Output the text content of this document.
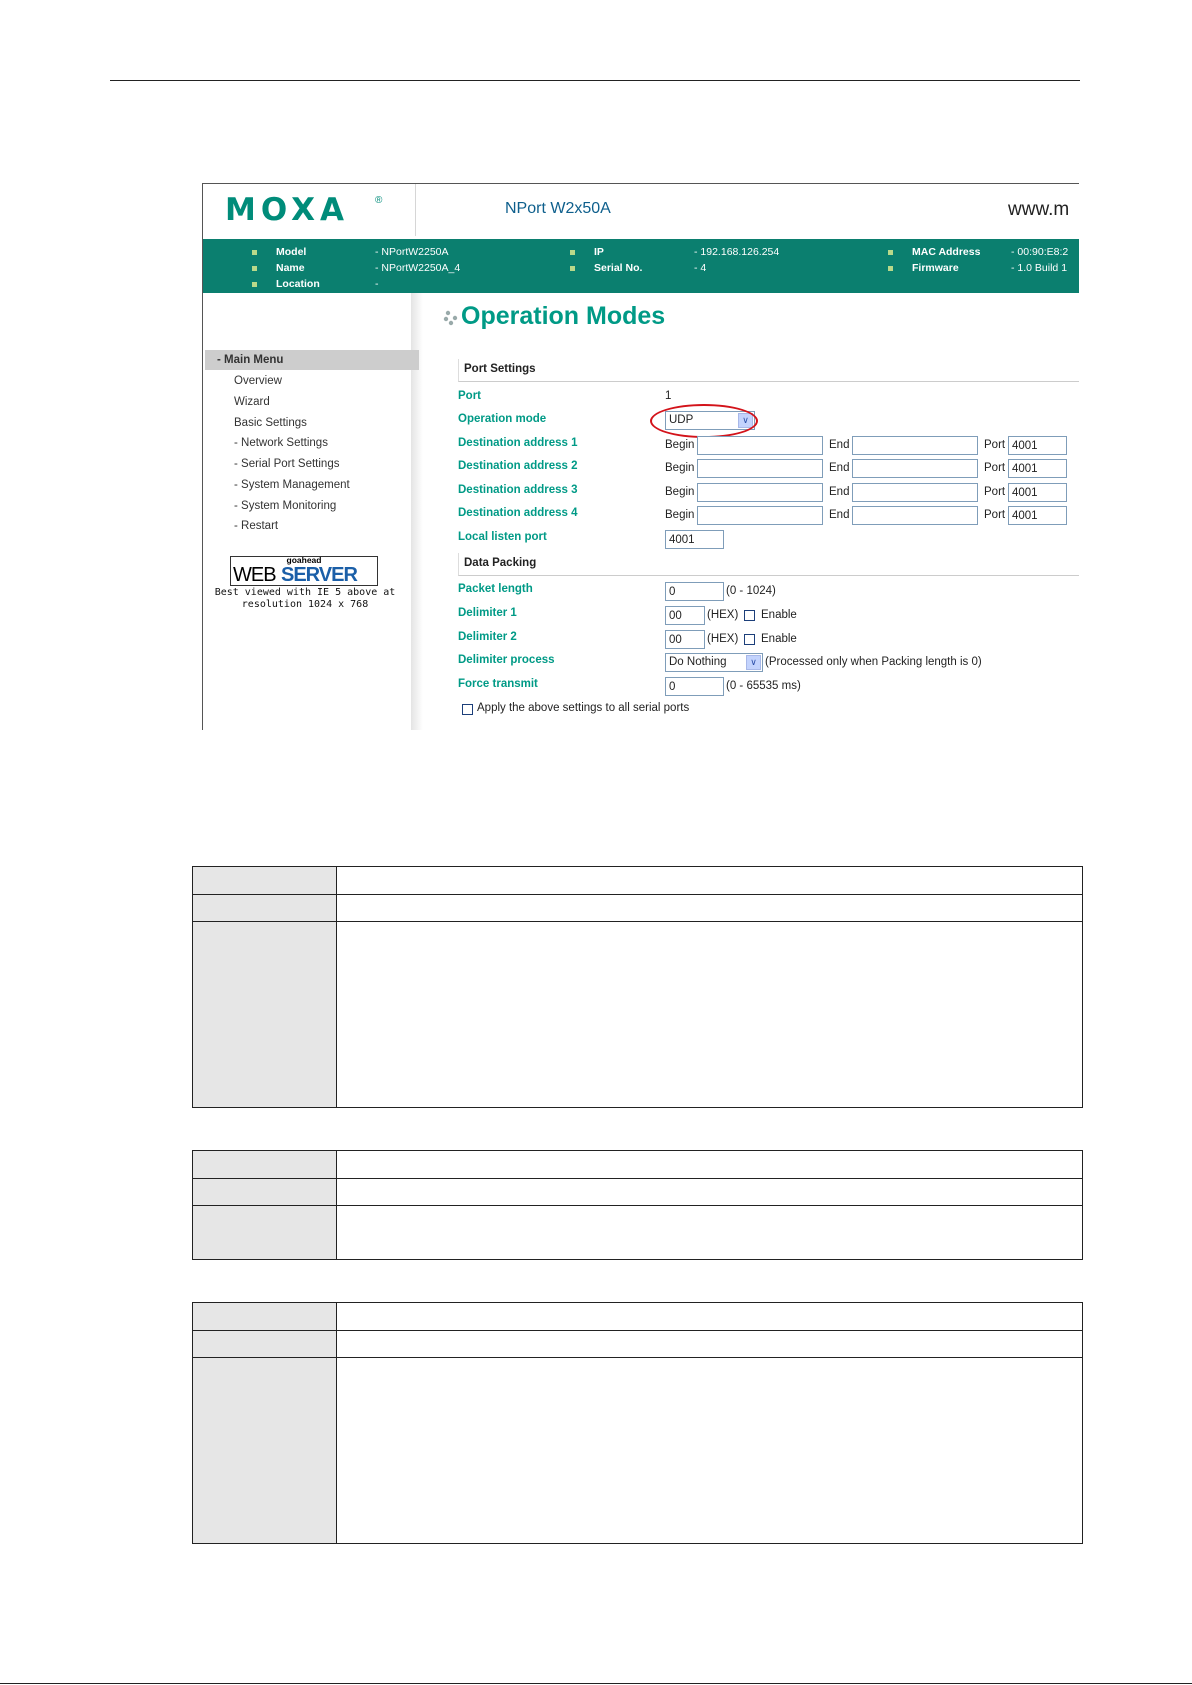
MOXA	®	NPort W2x50A	www.m
Model	- NPortW2250A
Name	- NPortW2250A_4
Location	-
IP	- 192.168.126.254
Serial No.	- 4
MAC Address	- 00:90:E8:2
Firmware	- 1.0 Build 1
- Main Menu
Overview
Wizard
Basic Settings
- Network Settings
- Serial Port Settings
- System Management
- System Monitoring
- Restart
goahead
WEB SERVER
Best viewed with IE 5 above at
resolution 1024 x 768
Operation Modes
Port Settings
Port	1
Operation mode	UDP	∨
Destination address 1	Begin	End	Port 4001
Destination address 2	Begin	End	Port 4001
Destination address 3	Begin	End	Port 4001
Destination address 4	Begin	End	Port 4001
Local listen port	4001
Data Packing
Packet length	0	(0 - 1024)
Delimiter 1	00	(HEX) Enable
Delimiter 2	00	(HEX) Enable
Delimiter process	Do Nothing	∨ (Processed only when Packing length is 0)
Force transmit	0	(0 - 65535 ms)
Apply the above settings to all serial ports
